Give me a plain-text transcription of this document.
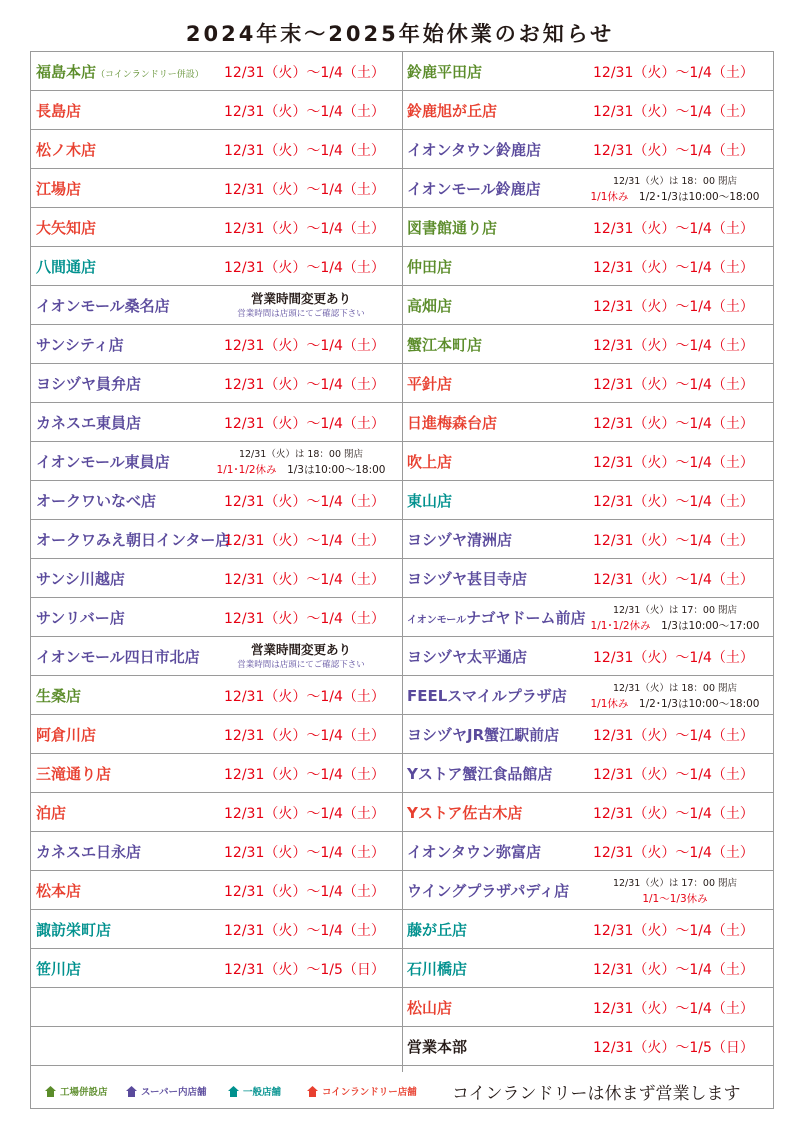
2024年末〜2025年始休業のお知らせ
福島本店（コインランドリー併設） 12/31（火）〜1/4（土）
長島店	12/31（火）〜1/4（土）
松ノ木店	12/31（火）〜1/4（土）
江場店	12/31（火）〜1/4（土）
大矢知店	12/31（火）〜1/4（土）
八間通店	12/31（火）〜1/4（土）
イオンモール桑名店	営業時間変更あり
営業時間は店頭にてご確認下さい
サンシティ店	12/31（火）〜1/4（土）
ヨシヅヤ員弁店	12/31（火）〜1/4（土）
カネスエ東員店	12/31（火）〜1/4（土）
イオンモール東員店	12/31（火）は 18：00 閉店
1/1･1/2休み　 1/3は10:00〜18:00
オークワいなべ店	12/31（火）〜1/4（土）
オークワみえ朝日インター店
12/31（火）〜1/4（土）
サンシ川越店	12/31（火）〜1/4（土）
サンリバー店	12/31（火）〜1/4（土）
イオンモール四日市北店	営業時間変更あり
営業時間は店頭にてご確認下さい
生桑店	12/31（火）〜1/4（土）
阿倉川店	12/31（火）〜1/4（土）
三滝通り店	12/31（火）〜1/4（土）
泊店	12/31（火）〜1/4（土）
カネスエ日永店	12/31（火）〜1/4（土）
松本店	12/31（火）〜1/4（土）
諏訪栄町店	12/31（火）〜1/4（土）
笹川店	12/31（火）〜1/5（日）
鈴鹿平田店	12/31（火）〜1/4（土）
鈴鹿旭が丘店	12/31（火）〜1/4（土）
イオンタウン鈴鹿店	12/31（火）〜1/4（土）
イオンモール鈴鹿店	12/31（火）は 18：00 閉店
1/1休み　 1/2･1/3は10:00〜18:00
図書館通り店	12/31（火）〜1/4（土）
仲田店	12/31（火）〜1/4（土）
高畑店	12/31（火）〜1/4（土）
蟹江本町店	12/31（火）〜1/4（土）
平針店	12/31（火）〜1/4（土）
日進梅森台店	12/31（火）〜1/4（土）
吹上店	12/31（火）〜1/4（土）
東山店	12/31（火）〜1/4（土）
ヨシヅヤ清洲店	12/31（火）〜1/4（土）
ヨシヅヤ甚目寺店	12/31（火）〜1/4（土）
イオンモールナゴヤドーム前店	12/31（火）は 17：00 閉店
1/1･1/2休み　 1/3は10:00〜17:00
ヨシヅヤ太平通店	12/31（火）〜1/4（土）
FEELスマイルプラザ店	12/31（火）は 18：00 閉店
1/1休み　 1/2･1/3は10:00〜18:00
ヨシヅヤJR蟹江駅前店 12/31（火）〜1/4（土）
Yストア蟹江食品館店	12/31（火）〜1/4（土）
Yストア佐古木店	12/31（火）〜1/4（土）
イオンタウン弥富店	12/31（火）〜1/4（土）
ウイングプラザパディ店	12/31（火）は 17：00 閉店
1/1〜1/3休み　
藤が丘店	12/31（火）〜1/4（土）
石川橋店	12/31（火）〜1/4（土）
松山店	12/31（火）〜1/4（土）
営業本部	12/31（火）〜1/5（日）
工場併設店	スーパー内店舗	一般店舗	コインランドリー店舗 コインランドリーは休まず営業します
